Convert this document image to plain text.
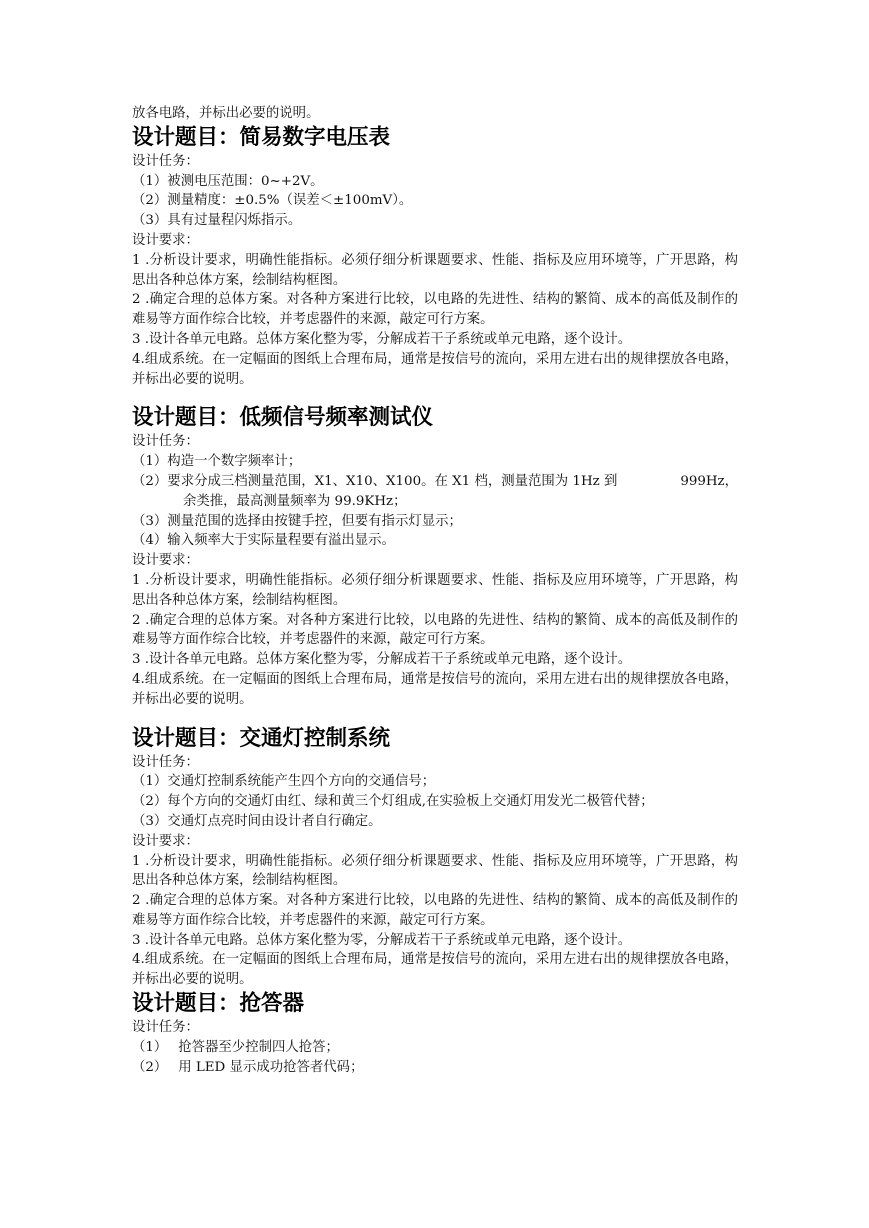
放各电路，并标出必要的说明。

设计题目：简易数字电压表

设计任务：

（1）被测电压范围：0~+2V。

（2）测量精度：±0.5%（误差＜±100mV）。

（3）具有过量程闪烁指示。

设计要求：

1 .分析设计要求，明确性能指标。必须仔细分析课题要求、性能、指标及应用环境等，广开思路，构思出各种总体方案，绘制结构框图。

2 .确定合理的总体方案。对各种方案进行比较，以电路的先进性、结构的繁简、成本的高低及制作的难易等方面作综合比较，并考虑器件的来源，敲定可行方案。

3 .设计各单元电路。总体方案化整为零，分解成若干子系统或单元电路，逐个设计。

4.组成系统。在一定幅面的图纸上合理布局，通常是按信号的流向，采用左进右出的规律摆放各电路，并标出必要的说明。

设计题目：低频信号频率测试仪

设计任务：

（1）构造一个数字频率计；

（2）要求分成三档测量范围，X1、X10、X100。在 X1 档，测量范围为 1Hz 到	999Hz，

余类推，最高测量频率为 99.9KHz；

（3）测量范围的选择由按键手控，但要有指示灯显示；

（4）输入频率大于实际量程要有溢出显示。

设计要求：

1 .分析设计要求，明确性能指标。必须仔细分析课题要求、性能、指标及应用环境等，广开思路，构思出各种总体方案，绘制结构框图。

2 .确定合理的总体方案。对各种方案进行比较，以电路的先进性、结构的繁简、成本的高低及制作的难易等方面作综合比较，并考虑器件的来源，敲定可行方案。

3 .设计各单元电路。总体方案化整为零，分解成若干子系统或单元电路，逐个设计。

4.组成系统。在一定幅面的图纸上合理布局，通常是按信号的流向，采用左进右出的规律摆放各电路，并标出必要的说明。

设计题目：交通灯控制系统

设计任务：

（1）交通灯控制系统能产生四个方向的交通信号；

（2）每个方向的交通灯由红、绿和黄三个灯组成,在实验板上交通灯用发光二极管代替；

（3）交通灯点亮时间由设计者自行确定。

设计要求：

1 .分析设计要求，明确性能指标。必须仔细分析课题要求、性能、指标及应用环境等，广开思路，构思出各种总体方案，绘制结构框图。

2 .确定合理的总体方案。对各种方案进行比较，以电路的先进性、结构的繁简、成本的高低及制作的难易等方面作综合比较，并考虑器件的来源，敲定可行方案。

3 .设计各单元电路。总体方案化整为零，分解成若干子系统或单元电路，逐个设计。

4.组成系统。在一定幅面的图纸上合理布局，通常是按信号的流向，采用左进右出的规律摆放各电路，并标出必要的说明。

设计题目：抢答器

设计任务：

（1）　 抢答器至少控制四人抢答；

（2）　 用 LED 显示成功抢答者代码；
